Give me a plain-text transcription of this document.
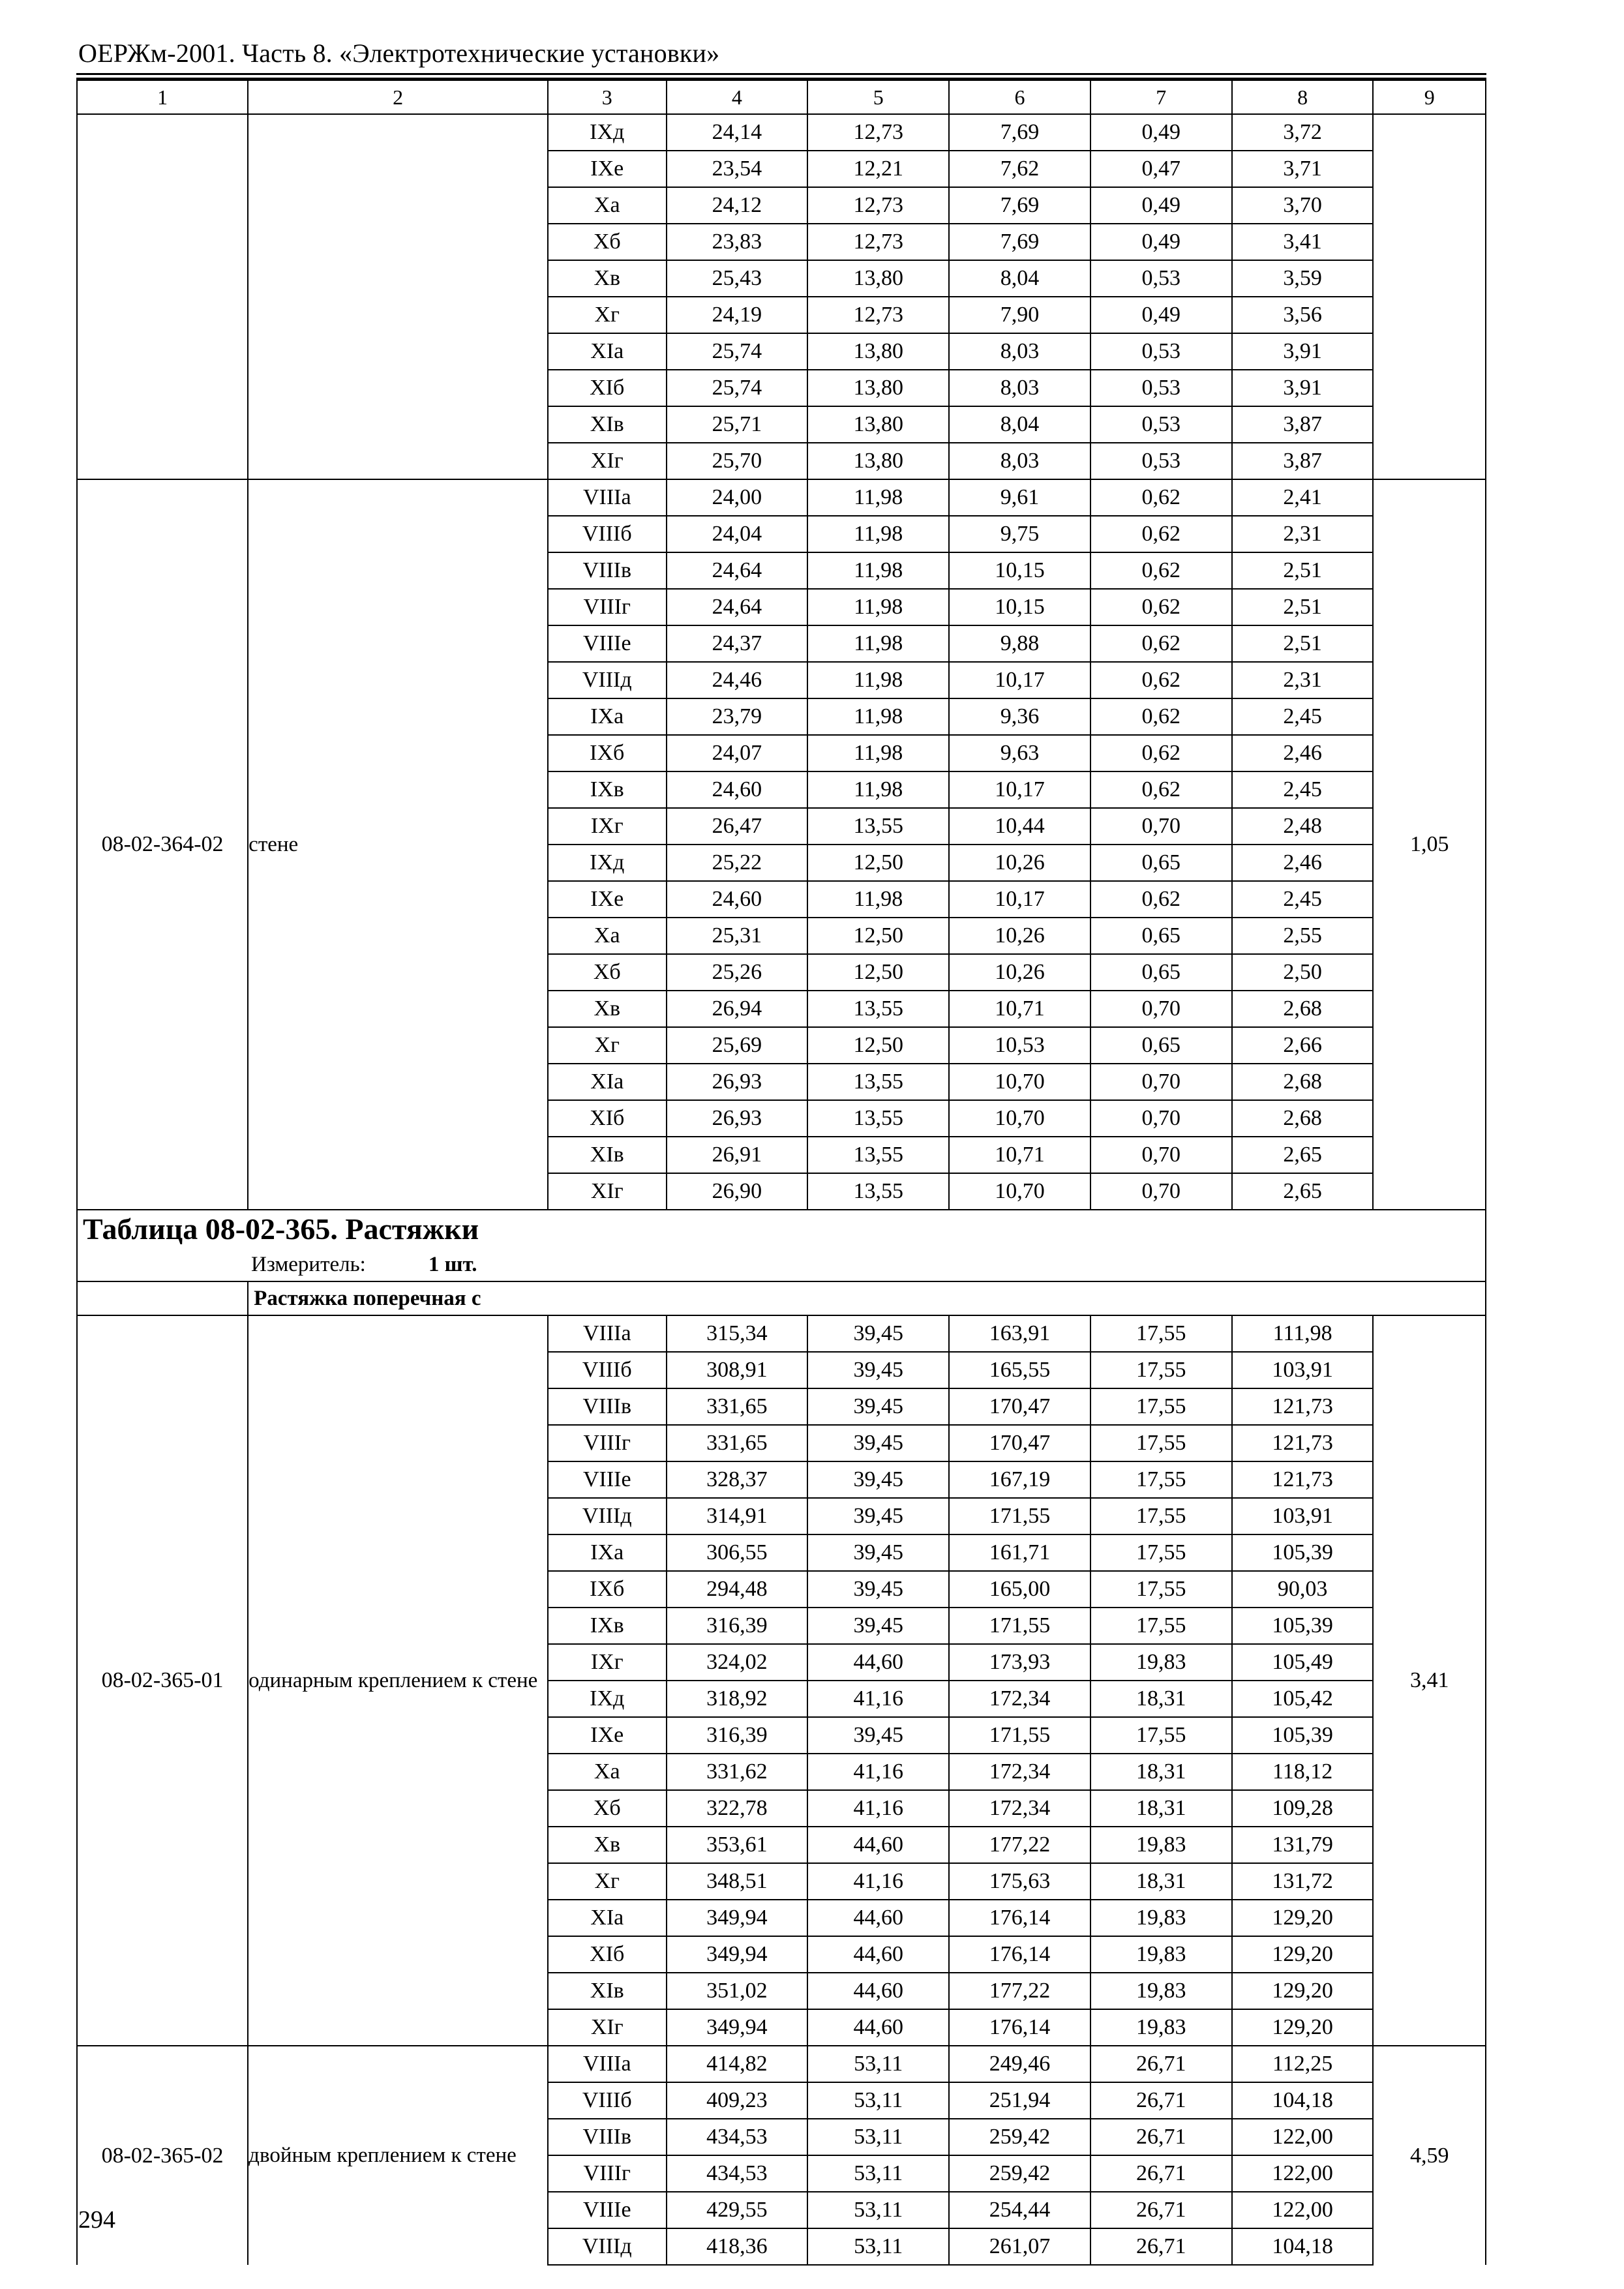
ОЕРЖм-2001. Часть 8. «Электротехнические установки»
1	2	3	4	5	6	7	8	9
		IXд	24,14	12,73	7,69	0,49	3,72	
		IXе	23,54	12,21	7,62	0,47	3,71	
		Xа	24,12	12,73	7,69	0,49	3,70	
		Xб	23,83	12,73	7,69	0,49	3,41	
		Xв	25,43	13,80	8,04	0,53	3,59	
		Xг	24,19	12,73	7,90	0,49	3,56	
		XIа	25,74	13,80	8,03	0,53	3,91	
		XIб	25,74	13,80	8,03	0,53	3,91	
		XIв	25,71	13,80	8,04	0,53	3,87	
		XIг	25,70	13,80	8,03	0,53	3,87	
08-02-364-02	стене	VIIIа	24,00	11,98	9,61	0,62	2,41	1,05
		VIIIб	24,04	11,98	9,75	0,62	2,31	
		VIIIв	24,64	11,98	10,15	0,62	2,51	
		VIIIг	24,64	11,98	10,15	0,62	2,51	
		VIIIе	24,37	11,98	9,88	0,62	2,51	
		VIIIд	24,46	11,98	10,17	0,62	2,31	
		IXа	23,79	11,98	9,36	0,62	2,45	
		IXб	24,07	11,98	9,63	0,62	2,46	
		IXв	24,60	11,98	10,17	0,62	2,45	
		IXг	26,47	13,55	10,44	0,70	2,48	
		IXд	25,22	12,50	10,26	0,65	2,46	
		IXе	24,60	11,98	10,17	0,62	2,45	
		Xа	25,31	12,50	10,26	0,65	2,55	
		Xб	25,26	12,50	10,26	0,65	2,50	
		Xв	26,94	13,55	10,71	0,70	2,68	
		Xг	25,69	12,50	10,53	0,65	2,66	
		XIа	26,93	13,55	10,70	0,70	2,68	
		XIб	26,93	13,55	10,70	0,70	2,68	
		XIв	26,91	13,55	10,71	0,70	2,65	
		XIг	26,90	13,55	10,70	0,70	2,65	
Таблица 08-02-365. Растяжки								
Измеритель: 1 шт.								
	Растяжка поперечная с							
08-02-365-01	одинарным креплением к стене	VIIIа	315,34	39,45	163,91	17,55	111,98	3,41
		VIIIб	308,91	39,45	165,55	17,55	103,91	
		VIIIв	331,65	39,45	170,47	17,55	121,73	
		VIIIг	331,65	39,45	170,47	17,55	121,73	
		VIIIе	328,37	39,45	167,19	17,55	121,73	
		VIIIд	314,91	39,45	171,55	17,55	103,91	
		IXа	306,55	39,45	161,71	17,55	105,39	
		IXб	294,48	39,45	165,00	17,55	90,03	
		IXв	316,39	39,45	171,55	17,55	105,39	
		IXг	324,02	44,60	173,93	19,83	105,49	
		IXд	318,92	41,16	172,34	18,31	105,42	
		IXе	316,39	39,45	171,55	17,55	105,39	
		Xа	331,62	41,16	172,34	18,31	118,12	
		Xб	322,78	41,16	172,34	18,31	109,28	
		Xв	353,61	44,60	177,22	19,83	131,79	
		Xг	348,51	41,16	175,63	18,31	131,72	
		XIа	349,94	44,60	176,14	19,83	129,20	
		XIб	349,94	44,60	176,14	19,83	129,20	
		XIв	351,02	44,60	177,22	19,83	129,20	
		XIг	349,94	44,60	176,14	19,83	129,20	
08-02-365-02	двойным креплением к стене	VIIIа	414,82	53,11	249,46	26,71	112,25	4,59
		VIIIб	409,23	53,11	251,94	26,71	104,18	
		VIIIв	434,53	53,11	259,42	26,71	122,00	
		VIIIг	434,53	53,11	259,42	26,71	122,00	
		VIIIе	429,55	53,11	254,44	26,71	122,00	
		VIIIд	418,36	53,11	261,07	26,71	104,18	
294
